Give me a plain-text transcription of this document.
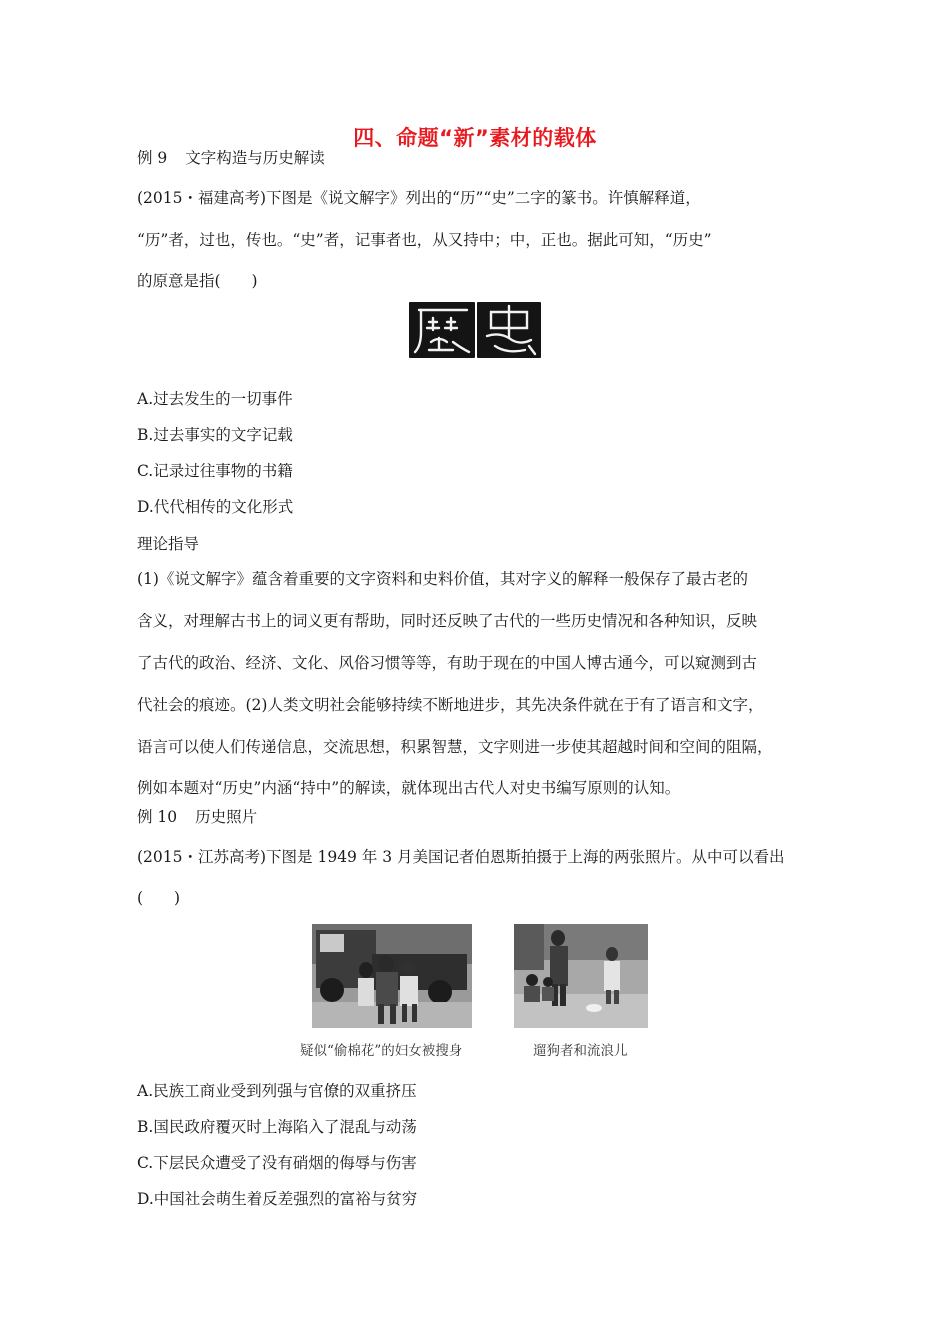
四、命题“新”素材的载体
例 9 文字构造与历史解读
(2015・福建高考)下图是《说文解字》列出的“历”“史”二字的篆书。许慎解释道，
“历”者，过也，传也。“史”者，记事者也，从又持中；中，正也。据此可知，“历史”
的原意是指(　　)
A.过去发生的一切事件
B.过去事实的文字记载
C.记录过往事物的书籍
D.代代相传的文化形式
理论指导
(1)《说文解字》蕴含着重要的文字资料和史料价值，其对字义的解释一般保存了最古老的
含义，对理解古书上的词义更有帮助，同时还反映了古代的一些历史情况和各种知识，反映
了古代的政治、经济、文化、风俗习惯等等，有助于现在的中国人博古通今，可以窥测到古
代社会的痕迹。(2)人类文明社会能够持续不断地进步，其先决条件就在于有了语言和文字，
语言可以使人们传递信息，交流思想，积累智慧，文字则进一步使其超越时间和空间的阻隔，
例如本题对“历史”内涵“持中”的解读，就体现出古代人对史书编写原则的认知。
例 10 历史照片
(2015・江苏高考)下图是 1949 年 3 月美国记者伯恩斯拍摄于上海的两张照片。从中可以看出
(　　)
疑似“偷棉花”的妇女被搜身	遛狗者和流浪儿
A.民族工商业受到列强与官僚的双重挤压
B.国民政府覆灭时上海陷入了混乱与动荡
C.下层民众遭受了没有硝烟的侮辱与伤害
D.中国社会萌生着反差强烈的富裕与贫穷
